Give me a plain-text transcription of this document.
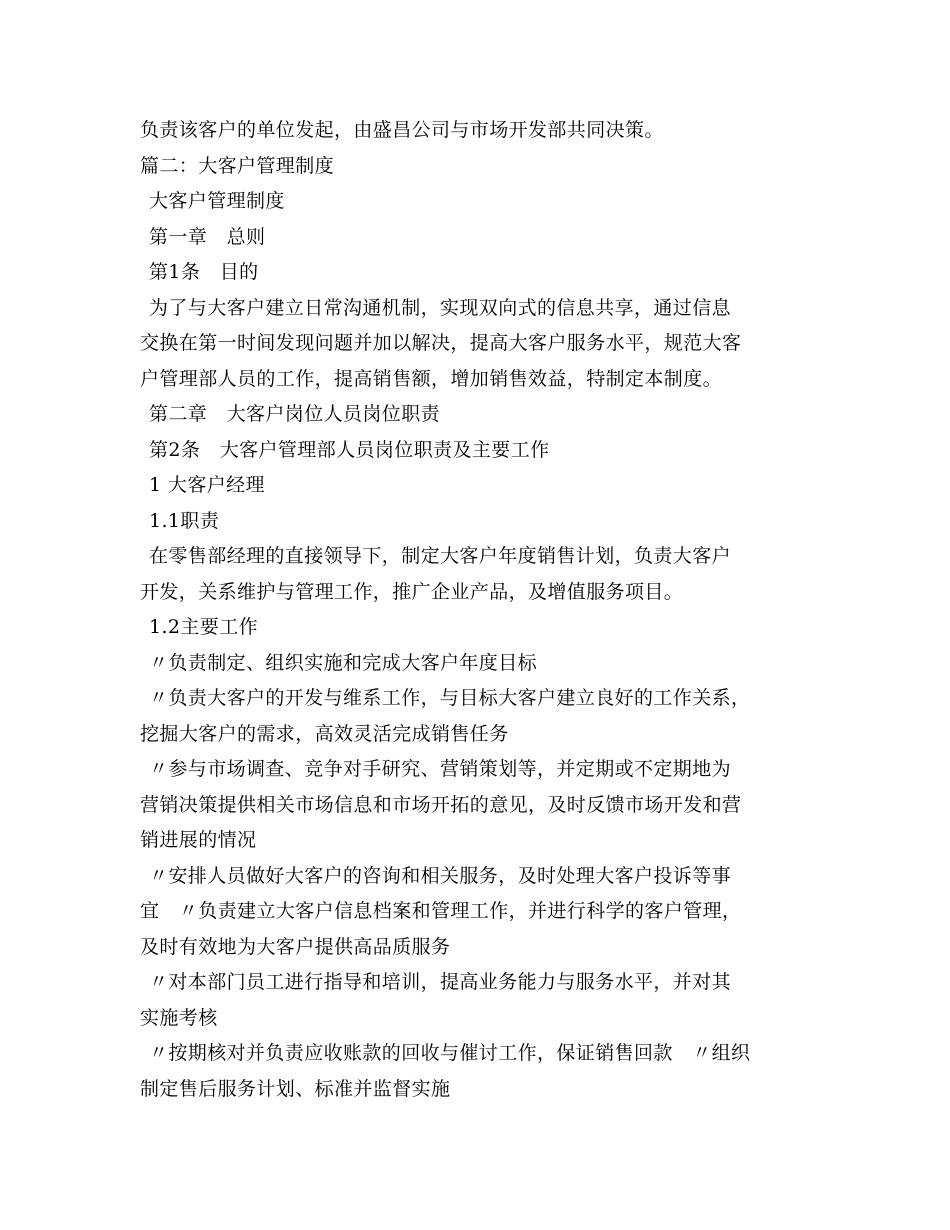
负责该客户的单位发起，由盛昌公司与市场开发部共同决策。
篇二：大客户管理制度
大客户管理制度
第一章　总则
第1条　目的
为了与大客户建立日常沟通机制，实现双向式的信息共享，通过信息
交换在第一时间发现问题并加以解决，提高大客户服务水平，规范大客
户管理部人员的工作，提高销售额，增加销售效益，特制定本制度。
第二章　大客户岗位人员岗位职责
第2条　大客户管理部人员岗位职责及主要工作
1 大客户经理
1.1职责
在零售部经理的直接领导下，制定大客户年度销售计划，负责大客户
开发，关系维护与管理工作，推广企业产品，及增值服务项目。
1.2主要工作
〃负责制定、组织实施和完成大客户年度目标
〃负责大客户的开发与维系工作，与目标大客户建立良好的工作关系，
挖掘大客户的需求，高效灵活完成销售任务
〃参与市场调查、竞争对手研究、营销策划等，并定期或不定期地为
营销决策提供相关市场信息和市场开拓的意见，及时反馈市场开发和营
销进展的情况
〃安排人员做好大客户的咨询和相关服务，及时处理大客户投诉等事
宜　〃负责建立大客户信息档案和管理工作，并进行科学的客户管理，
及时有效地为大客户提供高品质服务
〃对本部门员工进行指导和培训，提高业务能力与服务水平，并对其
实施考核
〃按期核对并负责应收账款的回收与催讨工作，保证销售回款　〃组织
制定售后服务计划、标准并监督实施
